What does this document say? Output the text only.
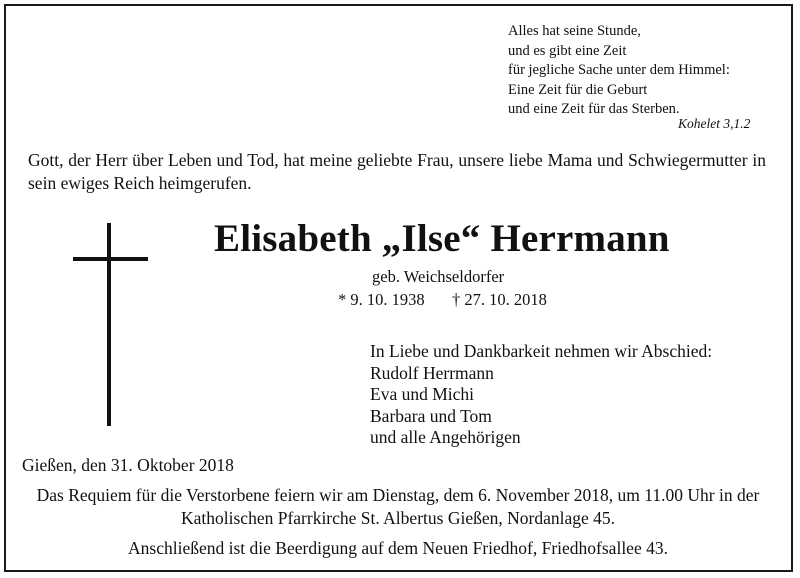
Alles hat seine Stunde,
und es gibt eine Zeit
für jegliche Sache unter dem Himmel:
Eine Zeit für die Geburt
und eine Zeit für das Sterben.
Kohelet 3,1.2
Gott, der Herr über Leben und Tod, hat meine geliebte Frau, unsere liebe Mama und Schwiegermutter in sein ewiges Reich heimgerufen.
Elisabeth „Ilse“ Herrmann
geb. Weichseldorfer
* 9. 10. 1938 † 27. 10. 2018
In Liebe und Dankbarkeit nehmen wir Abschied:
Rudolf Herrmann
Eva und Michi
Barbara und Tom
und alle Angehörigen
Gießen, den 31. Oktober 2018
Das Requiem für die Verstorbene feiern wir am Dienstag, dem 6. November 2018, um 11.00 Uhr in der Katholischen Pfarrkirche St. Albertus Gießen, Nordanlage 45.
Anschließend ist die Beerdigung auf dem Neuen Friedhof, Friedhofsallee 43.
